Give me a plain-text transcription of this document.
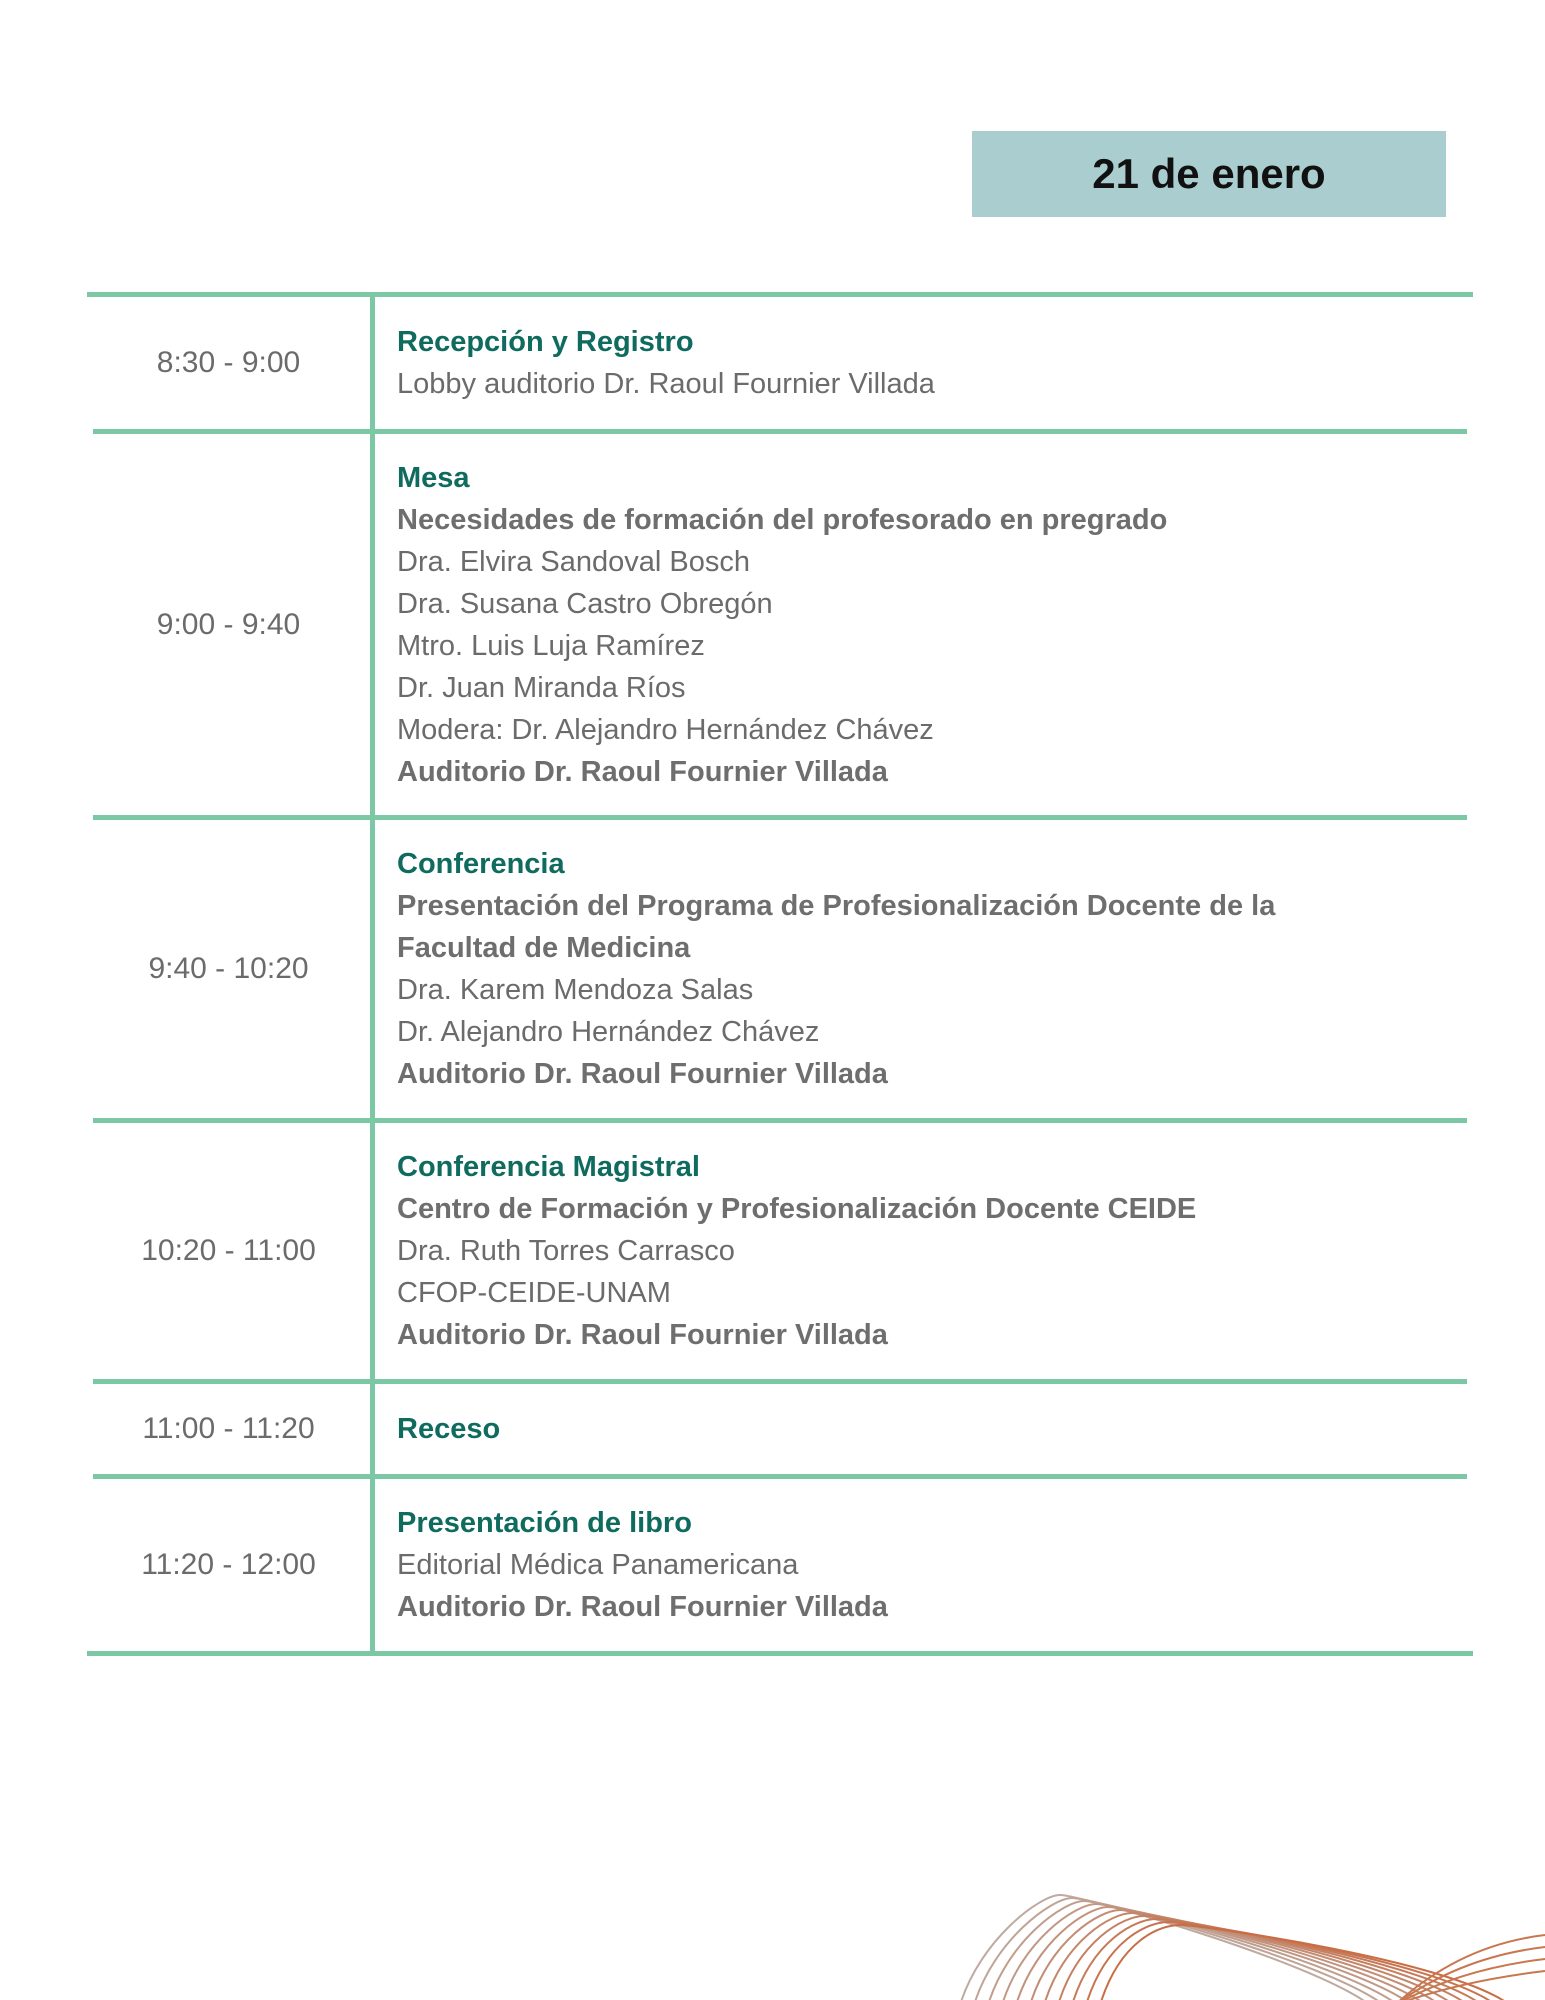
21 de enero
8:30 - 9:00
Recepción y Registro
Lobby auditorio Dr. Raoul Fournier Villada
9:00 - 9:40
Mesa
Necesidades de formación del profesorado en pregrado
Dra. Elvira Sandoval Bosch
Dra. Susana Castro Obregón
Mtro. Luis Luja Ramírez
Dr. Juan Miranda Ríos
Modera: Dr. Alejandro Hernández Chávez
Auditorio Dr. Raoul Fournier Villada
9:40 - 10:20
Conferencia
Presentación del Programa de Profesionalización Docente de la
Facultad de Medicina
Dra. Karem Mendoza Salas
Dr. Alejandro Hernández Chávez
Auditorio Dr. Raoul Fournier Villada
10:20 - 11:00
Conferencia Magistral
Centro de Formación y Profesionalización Docente CEIDE
Dra. Ruth Torres Carrasco
CFOP-CEIDE-UNAM
Auditorio Dr. Raoul Fournier Villada
11:00 - 11:20	Receso
11:20 - 12:00
Presentación de libro
Editorial Médica Panamericana
Auditorio Dr. Raoul Fournier Villada
